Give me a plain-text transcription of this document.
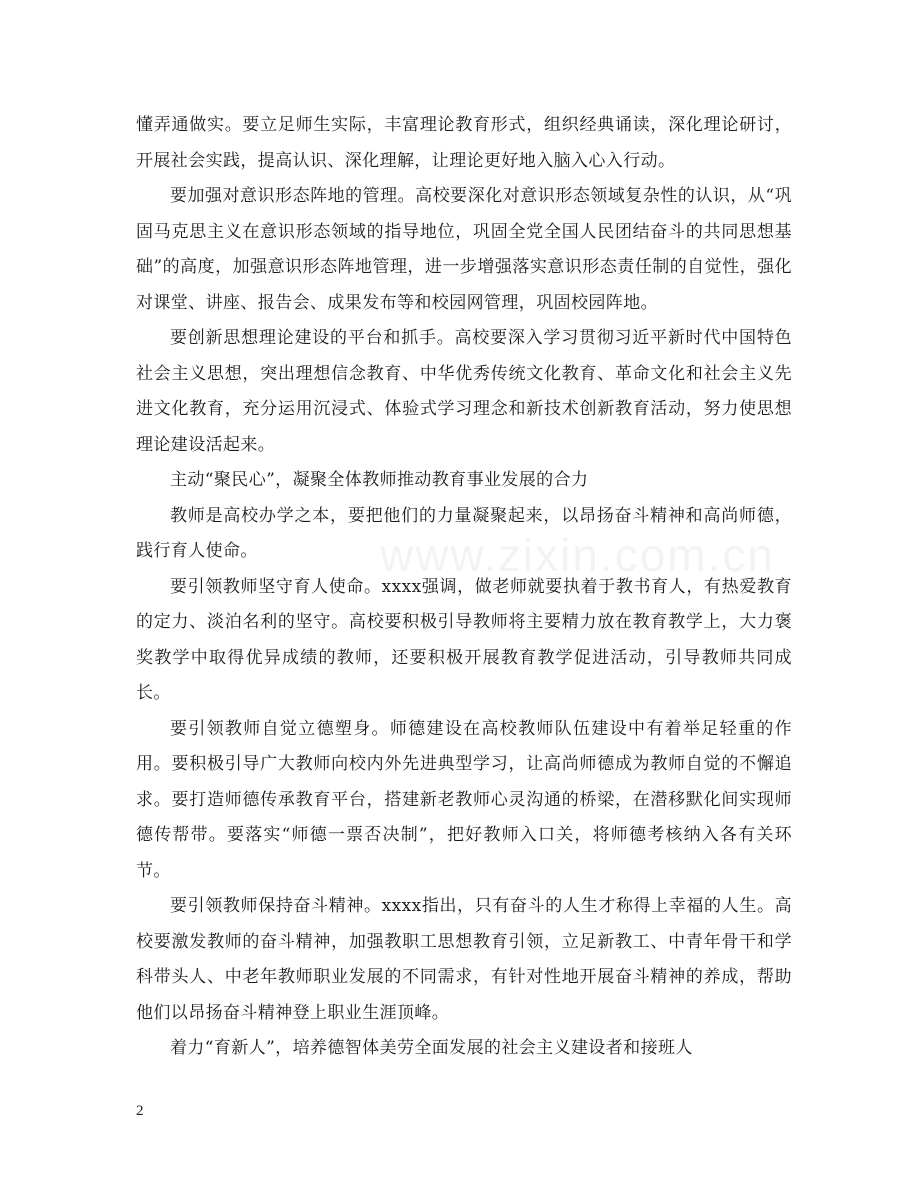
懂弄通做实。要立足师生实际，丰富理论教育形式，组织经典诵读，深化理论研讨，开展社会实践，提高认识、深化理解，让理论更好地入脑入心入行动。

要加强对意识形态阵地的管理。高校要深化对意识形态领域复杂性的认识，从“巩固马克思主义在意识形态领域的指导地位，巩固全党全国人民团结奋斗的共同思想基础”的高度，加强意识形态阵地管理，进一步增强落实意识形态责任制的自觉性，强化对课堂、讲座、报告会、成果发布等和校园网管理，巩固校园阵地。

要创新思想理论建设的平台和抓手。高校要深入学习贯彻习近平新时代中国特色社会主义思想，突出理想信念教育、中华优秀传统文化教育、革命文化和社会主义先进文化教育，充分运用沉浸式、体验式学习理念和新技术创新教育活动，努力使思想理论建设活起来。

主动“聚民心”，凝聚全体教师推动教育事业发展的合力

教师是高校办学之本，要把他们的力量凝聚起来，以昂扬奋斗精神和高尚师德，践行育人使命。

要引领教师坚守育人使命。xxxx强调，做老师就要执着于教书育人，有热爱教育的定力、淡泊名利的坚守。高校要积极引导教师将主要精力放在教育教学上，大力褒奖教学中取得优异成绩的教师，还要积极开展教育教学促进活动，引导教师共同成长。

要引领教师自觉立德塑身。师德建设在高校教师队伍建设中有着举足轻重的作用。要积极引导广大教师向校内外先进典型学习，让高尚师德成为教师自觉的不懈追求。要打造师德传承教育平台，搭建新老教师心灵沟通的桥梁，在潜移默化间实现师德传帮带。要落实“师德一票否决制”，把好教师入口关，将师德考核纳入各有关环节。

要引领教师保持奋斗精神。xxxx指出，只有奋斗的人生才称得上幸福的人生。高校要激发教师的奋斗精神，加强教职工思想教育引领，立足新教工、中青年骨干和学科带头人、中老年教师职业发展的不同需求，有针对性地开展奋斗精神的养成，帮助他们以昂扬奋斗精神登上职业生涯顶峰。

着力“育新人”，培养德智体美劳全面发展的社会主义建设者和接班人

2
